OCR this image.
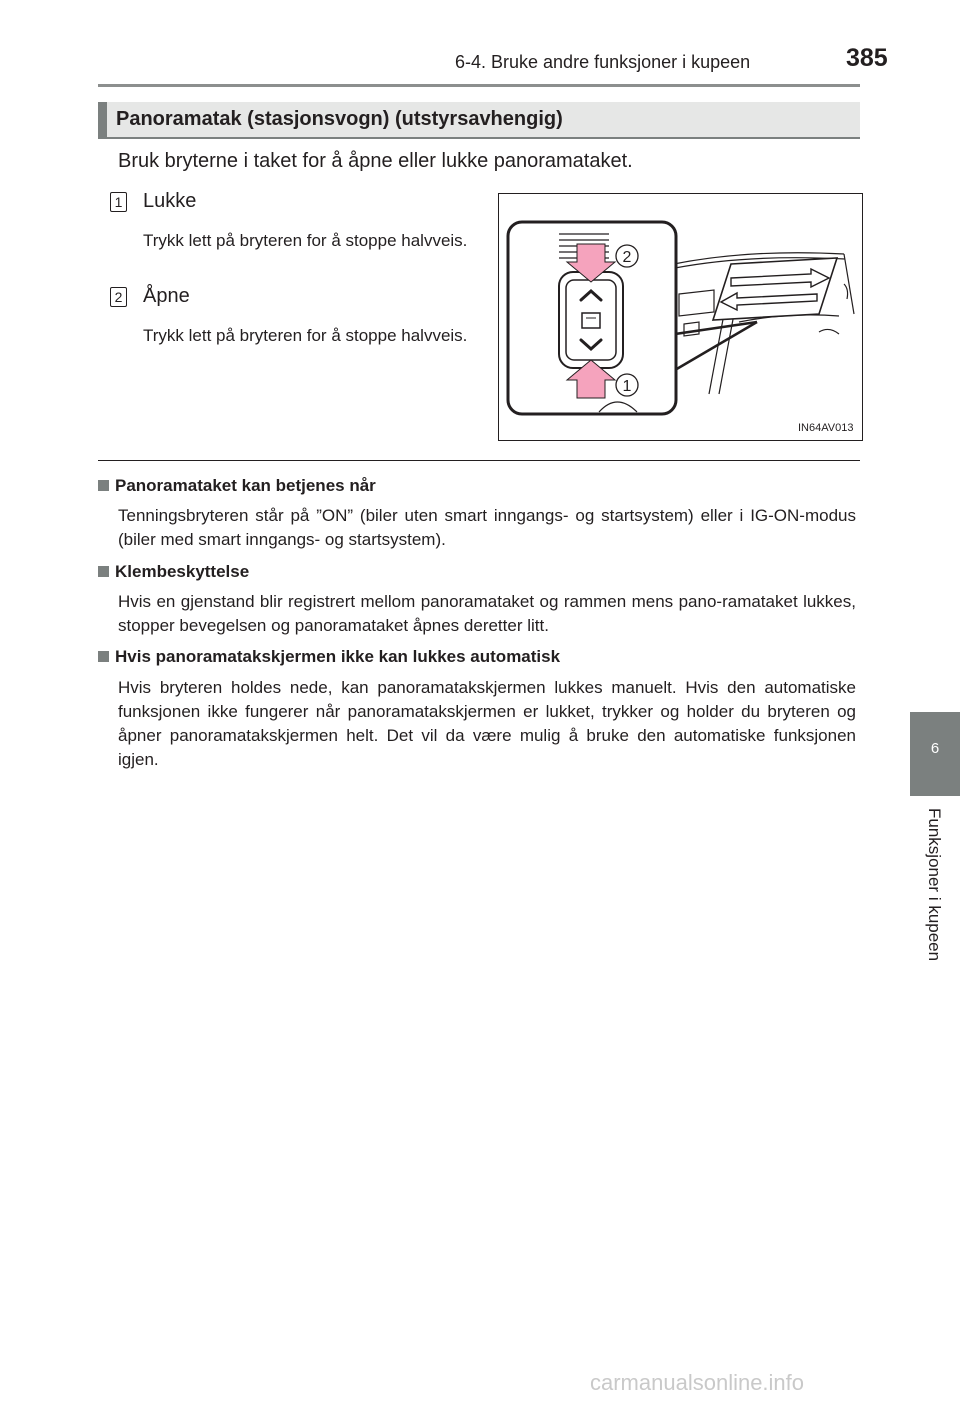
6-4. Bruke andre funksjoner i kupeen	385
6
Funksjoner i kupeen
Panoramatak (stasjonsvogn) (utstyrsavhengig)
Bruk bryterne i taket for å åpne eller lukke panoramataket.
1 Lukke
Trykk lett på bryteren for å stoppe halvveis.
2 Åpne
Trykk lett på bryteren for å stoppe halvveis.
2
1
IN64AV013
Panoramataket kan betjenes når
Tenningsbryteren står på ”ON” (biler uten smart inngangs- og startsystem) eller i IG-ON-modus (biler med smart inngangs- og startsystem).
Klembeskyttelse
Hvis en gjenstand blir registrert mellom panoramataket og rammen mens pano-ramataket lukkes, stopper bevegelsen og panoramataket åpnes deretter litt.
Hvis panoramatakskjermen ikke kan lukkes automatisk
Hvis bryteren holdes nede, kan panoramatakskjermen lukkes manuelt. Hvis den automatiske funksjonen ikke fungerer når panoramatakskjermen er lukket, trykker og holder du bryteren og åpner panoramatakskjermen helt. Det vil da være mulig å bruke den automatiske funksjonen igjen.
carmanualsonline.info
